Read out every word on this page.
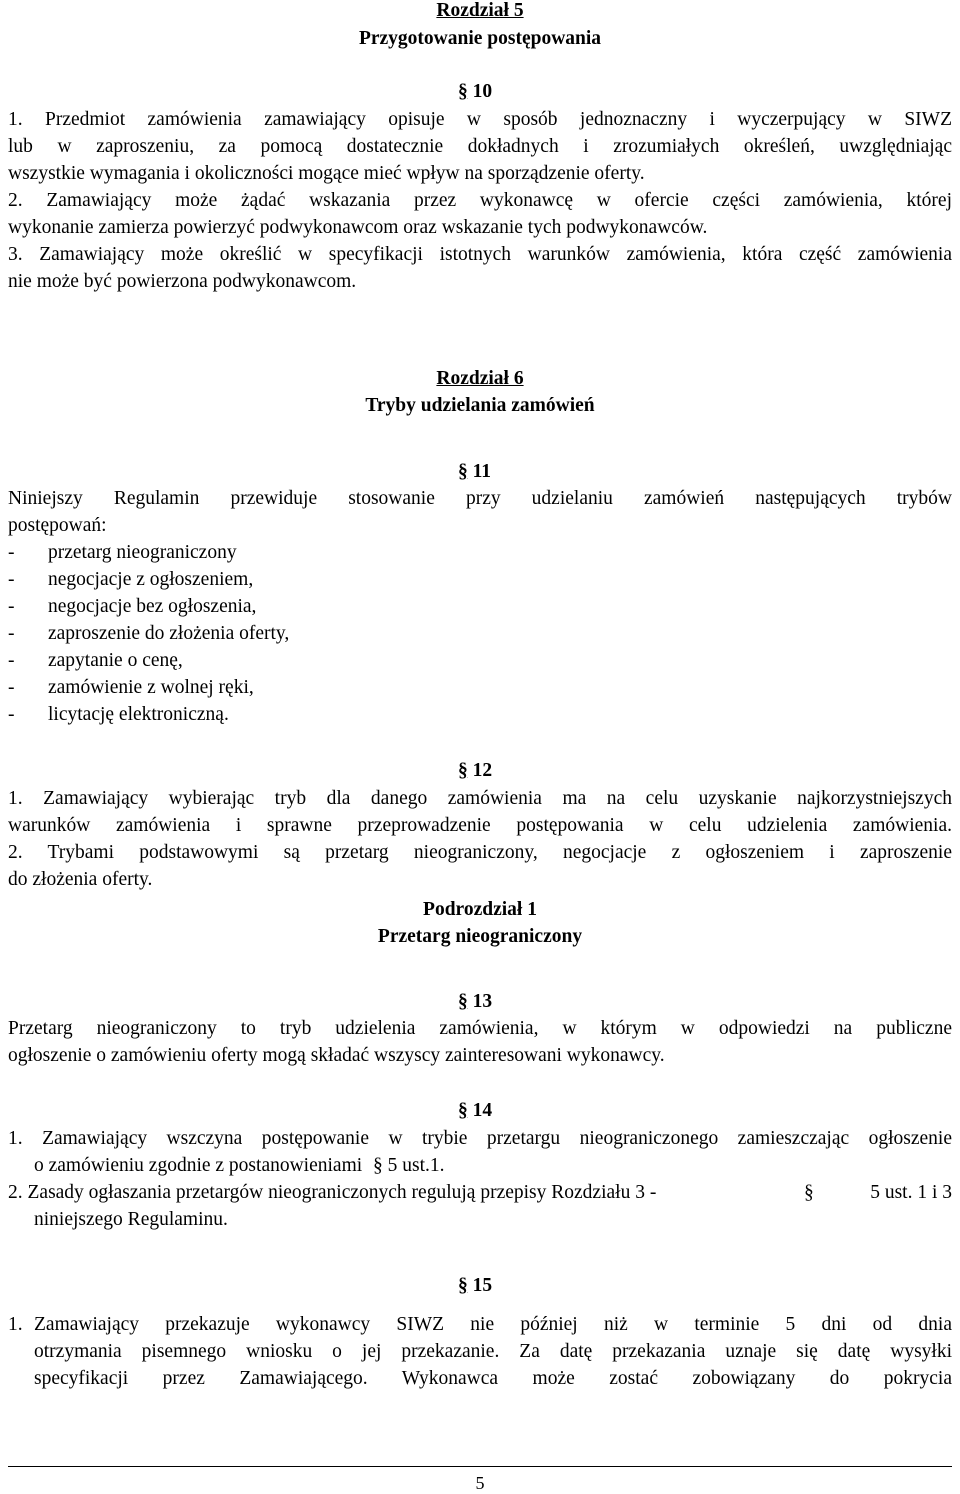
Rozdział 5

Przygotowanie postępowania

§ 10

1. Przedmiot zamówienia zamawiający opisuje w sposób jednoznaczny i wyczerpujący w SIWZ

lub w zaproszeniu, za pomocą dostatecznie dokładnych i zrozumiałych określeń, uwzględniając

wszystkie wymagania i okoliczności mogące mieć wpływ na sporządzenie oferty.

2. Zamawiający może żądać wskazania przez wykonawcę w ofercie części zamówienia, której

wykonanie zamierza powierzyć podwykonawcom oraz wskazanie tych podwykonawców.

3. Zamawiający może określić w specyfikacji istotnych warunków zamówienia, która część zamówienia

nie może być powierzona podwykonawcom.

Rozdział 6

Tryby udzielania zamówień

§ 11

Niniejszy Regulamin przewiduje stosowanie przy udzielaniu zamówień następujących trybów

postępowań:

- przetarg nieograniczony
- negocjacje z ogłoszeniem,
- negocjacje bez ogłoszenia,
- zaproszenie do złożenia oferty,
- zapytanie o cenę,
- zamówienie z wolnej ręki,
- licytację elektroniczną.
§ 12

1. Zamawiający wybierając tryb dla danego zamówienia ma na celu uzyskanie najkorzystniejszych

warunków zamówienia i sprawne przeprowadzenie postępowania w celu udzielenia zamówienia.

2. Trybami podstawowymi są przetarg nieograniczony, negocjacje z ogłoszeniem i zaproszenie

do złożenia oferty.

Podrozdział 1

Przetarg nieograniczony

§ 13

Przetarg nieograniczony to tryb udzielenia zamówienia, w którym w odpowiedzi na publiczne

ogłoszenie o zamówieniu oferty mogą składać wszyscy zainteresowani wykonawcy.

§ 14

1. Zamawiający wszczyna postępowanie w trybie przetargu nieograniczonego zamieszczając ogłoszenie

o zamówieniu zgodnie z postanowieniami § 5 ust.1.

2. Zasady ogłaszania przetargów nieograniczonych regulują przepisy Rozdziału 3 -	§	5 ust. 1 i 3

niniejszego Regulaminu.

§ 15
1. Zamawiający przekazuje wykonawcy SIWZ nie później niż w terminie 5 dni od dnia

otrzymania pisemnego wniosku o jej przekazanie. Za datę przekazania uznaje się datę wysyłki

specyfikacji przez Zamawiającego. Wykonawca może zostać zobowiązany do pokrycia

5
